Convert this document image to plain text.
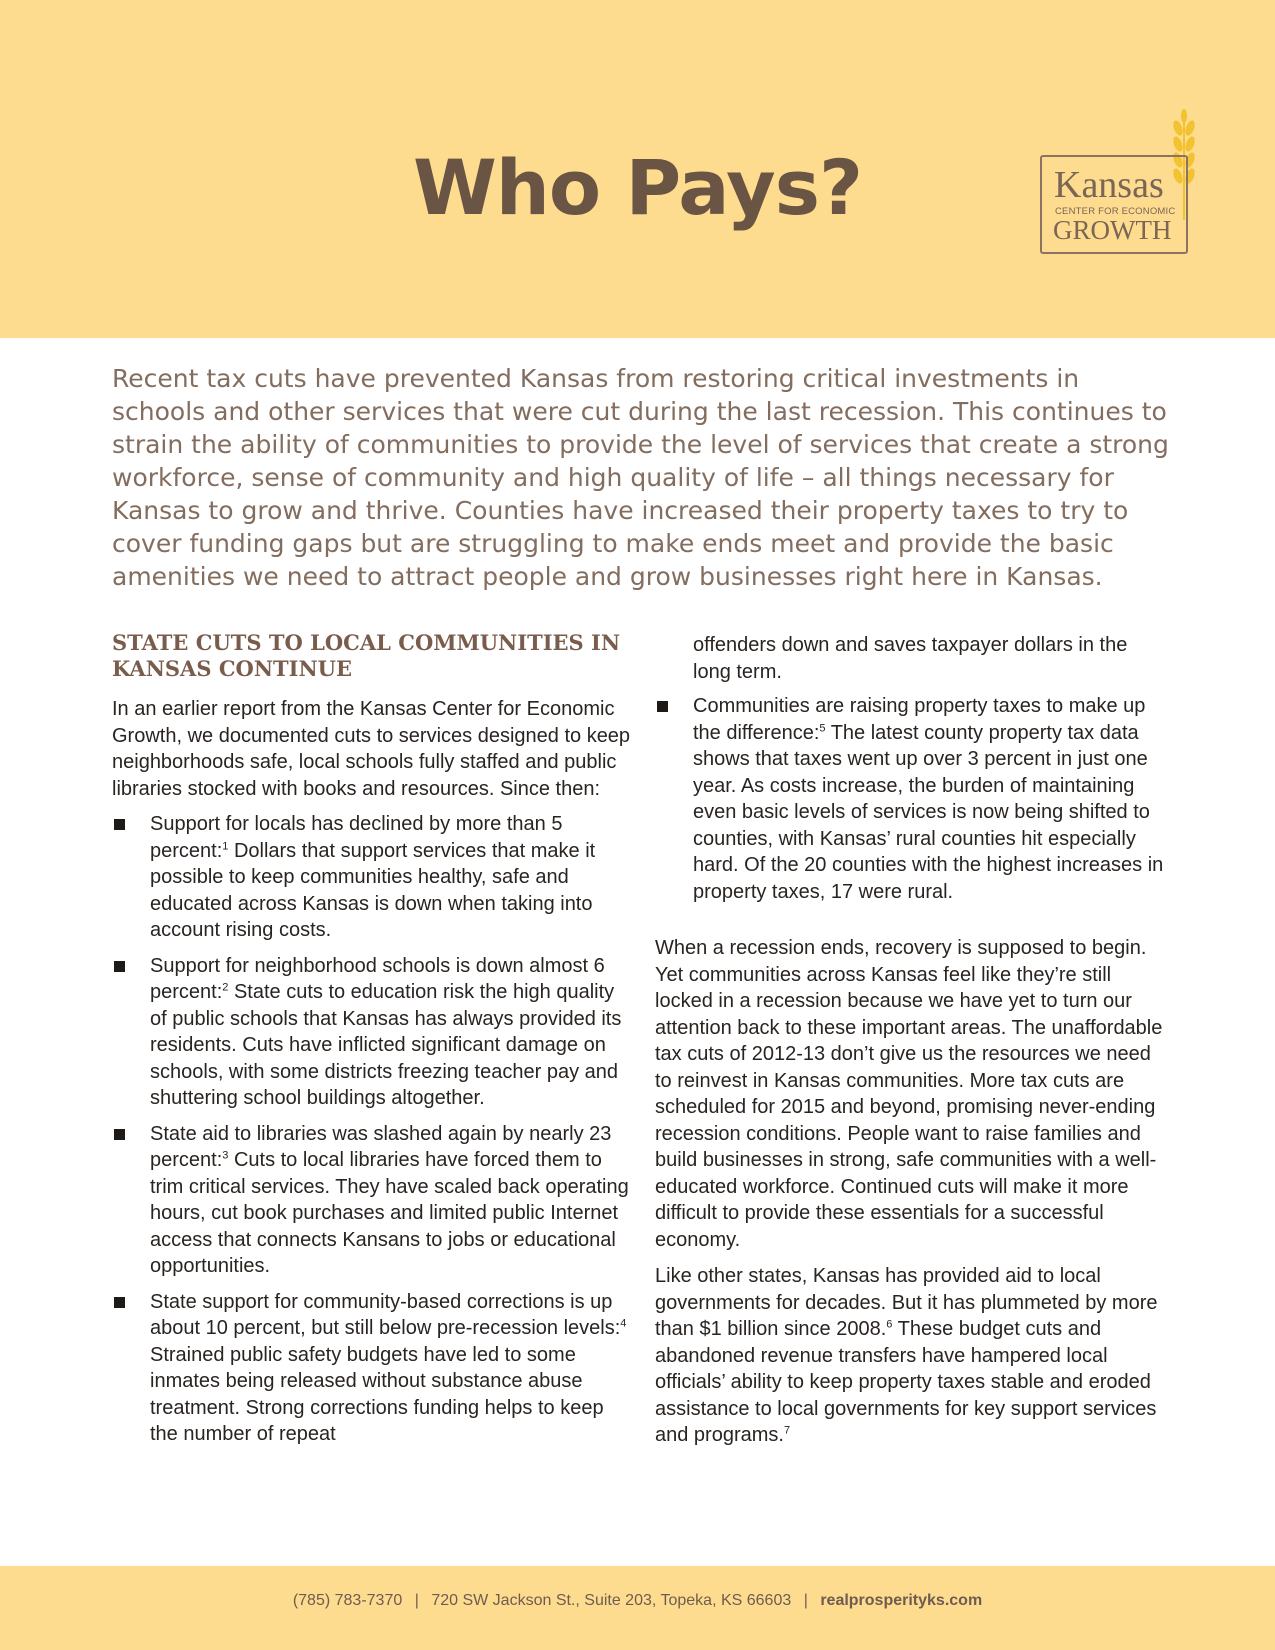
Who Pays?	Kansas
CENTER FOR ECONOMIC
GROWTH

Recent tax cuts have prevented Kansas from restoring critical investments in schools and other services that were cut during the last recession. This continues to strain the ability of communities to provide the level of services that create a strong workforce, sense of community and high quality of life – all things necessary for Kansas to grow and thrive. Counties have increased their property taxes to try to cover funding gaps but are struggling to make ends meet and provide the basic amenities we need to attract people and grow businesses right here in Kansas.

STATE CUTS TO LOCAL COMMUNITIES IN KANSAS CONTINUE

In an earlier report from the Kansas Center for Economic Growth, we documented cuts to services designed to keep neighborhoods safe, local schools fully staffed and public libraries stocked with books and resources. Since then:

Support for locals has declined by more than 5 percent:$^1$ Dollars that support services that make it possible to keep communities healthy, safe and educated across Kansas is down when taking into account rising costs.
Support for neighborhood schools is down almost 6 percent:$^2$ State cuts to education risk the high quality of public schools that Kansas has always provided its residents. Cuts have inflicted significant damage on schools, with some districts freezing teacher pay and shuttering school buildings altogether.
State aid to libraries was slashed again by nearly 23 percent:$^3$ Cuts to local libraries have forced them to trim critical services. They have scaled back operating hours, cut book purchases and limited public Internet access that connects Kansans to jobs or educational opportunities.
State support for community-based corrections is up about 10 percent, but still below pre-recession levels:$^4$ Strained public safety budgets have led to some inmates being released without substance abuse treatment. Strong corrections funding helps to keep the number of repeat

offenders down and saves taxpayer dollars in the long term.

Communities are raising property taxes to make up the difference:$^5$ The latest county property tax data shows that taxes went up over 3 percent in just one year. As costs increase, the burden of maintaining even basic levels of services is now being shifted to counties, with Kansas’ rural counties hit especially hard. Of the 20 counties with the highest increases in property taxes, 17 were rural.

When a recession ends, recovery is supposed to begin. Yet communities across Kansas feel like they’re still locked in a recession because we have yet to turn our attention back to these important areas. The unaffordable tax cuts of 2012-13 don’t give us the resources we need to reinvest in Kansas communities. More tax cuts are scheduled for 2015 and beyond, promising never-ending recession conditions. People want to raise families and build businesses in strong, safe communities with a well-educated workforce. Continued cuts will make it more difficult to provide these essentials for a successful economy.

Like other states, Kansas has provided aid to local governments for decades. But it has plummeted by more than $1 billion since 2008.$^6$ These budget cuts and abandoned revenue transfers have hampered local officials’ ability to keep property taxes stable and eroded assistance to local governments for key support services and programs.$^7$

(785) 783-7370 | 720 SW Jackson St., Suite 203, Topeka, KS 66603 | realprosperityks.com
